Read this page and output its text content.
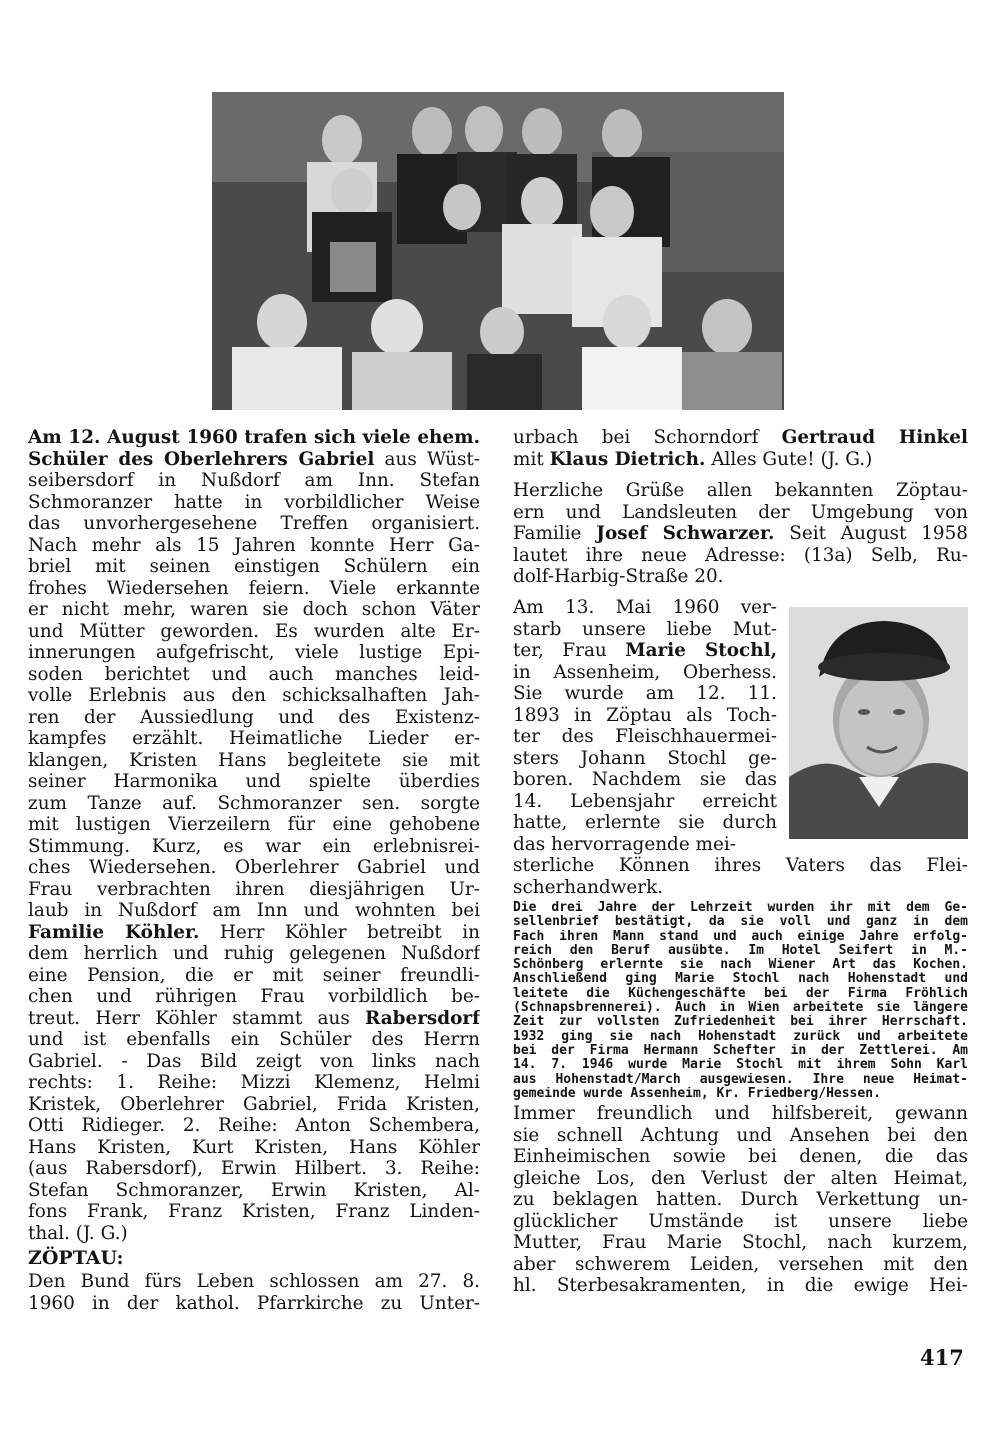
Am 12. August 1960 trafen sich viele ehem.
Schüler des Oberlehrers Gabriel aus Wüst-
seibersdorf in Nußdorf am Inn. Stefan
Schmoranzer hatte in vorbildlicher Weise
das unvorhergesehene Treffen organisiert.
Nach mehr als 15 Jahren konnte Herr Ga-
briel mit seinen einstigen Schülern ein
frohes Wiedersehen feiern. Viele erkannte
er nicht mehr, waren sie doch schon Väter
und Mütter geworden. Es wurden alte Er-
innerungen aufgefrischt, viele lustige Epi-
soden berichtet und auch manches leid-
volle Erlebnis aus den schicksalhaften Jah-
ren der Aussiedlung und des Existenz-
kampfes erzählt. Heimatliche Lieder er-
klangen, Kristen Hans begleitete sie mit
seiner Harmonika und spielte überdies
zum Tanze auf. Schmoranzer sen. sorgte
mit lustigen Vierzeilern für eine gehobene
Stimmung. Kurz, es war ein erlebnisrei-
ches Wiedersehen. Oberlehrer Gabriel und
Frau verbrachten ihren diesjährigen Ur-
laub in Nußdorf am Inn und wohnten bei
Familie Köhler. Herr Köhler betreibt in
dem herrlich und ruhig gelegenen Nußdorf
eine Pension, die er mit seiner freundli-
chen und rührigen Frau vorbildlich be-
treut. Herr Köhler stammt aus Rabersdorf
und ist ebenfalls ein Schüler des Herrn
Gabriel. - Das Bild zeigt von links nach
rechts: 1. Reihe: Mizzi Klemenz, Helmi
Kristek, Oberlehrer Gabriel, Frida Kristen,
Otti Ridieger. 2. Reihe: Anton Schembera,
Hans Kristen, Kurt Kristen, Hans Köhler
(aus Rabersdorf), Erwin Hilbert. 3. Reihe:
Stefan Schmoranzer, Erwin Kristen, Al-
fons Frank, Franz Kristen, Franz Linden-
thal. (J. G.)
ZÖPTAU:
Den Bund fürs Leben schlossen am 27. 8.
1960 in der kathol. Pfarrkirche zu Unter-
urbach bei Schorndorf Gertraud Hinkel
mit Klaus Dietrich. Alles Gute! (J. G.)
Herzliche Grüße allen bekannten Zöptau-
ern und Landsleuten der Umgebung von
Familie Josef Schwarzer. Seit August 1958
lautet ihre neue Adresse: (13a) Selb, Ru-
dolf-Harbig-Straße 20.
Am 13. Mai 1960 ver-
starb unsere liebe Mut-
ter, Frau Marie Stochl,
in Assenheim, Oberhess.
Sie wurde am 12. 11.
1893 in Zöptau als Toch-
ter des Fleischhauermei-
sters Johann Stochl ge-
boren. Nachdem sie das
14. Lebensjahr erreicht
hatte, erlernte sie durch
das hervorragende mei-
sterliche Können ihres Vaters das Flei-
scherhandwerk.
Die drei Jahre der Lehrzeit wurden ihr mit dem Ge-
sellenbrief bestätigt, da sie voll und ganz in dem
Fach ihren Mann stand und auch einige Jahre erfolg-
reich den Beruf ausübte. Im Hotel Seifert in M.-
Schönberg erlernte sie nach Wiener Art das Kochen.
Anschließend ging Marie Stochl nach Hohenstadt und
leitete die Küchengeschäfte bei der Firma Fröhlich
(Schnapsbrennerei). Auch in Wien arbeitete sie längere
Zeit zur vollsten Zufriedenheit bei ihrer Herrschaft.
1932 ging sie nach Hohenstadt zurück und arbeitete
bei der Firma Hermann Schefter in der Zettlerei. Am
14. 7. 1946 wurde Marie Stochl mit ihrem Sohn Karl
aus Hohenstadt/March ausgewiesen. Ihre neue Heimat-
gemeinde wurde Assenheim, Kr. Friedberg/Hessen.
Immer freundlich und hilfsbereit, gewann
sie schnell Achtung und Ansehen bei den
Einheimischen sowie bei denen, die das
gleiche Los, den Verlust der alten Heimat,
zu beklagen hatten. Durch Verkettung un-
glücklicher Umstände ist unsere liebe
Mutter, Frau Marie Stochl, nach kurzem,
aber schwerem Leiden, versehen mit den
hl. Sterbesakramenten, in die ewige Hei-
417
